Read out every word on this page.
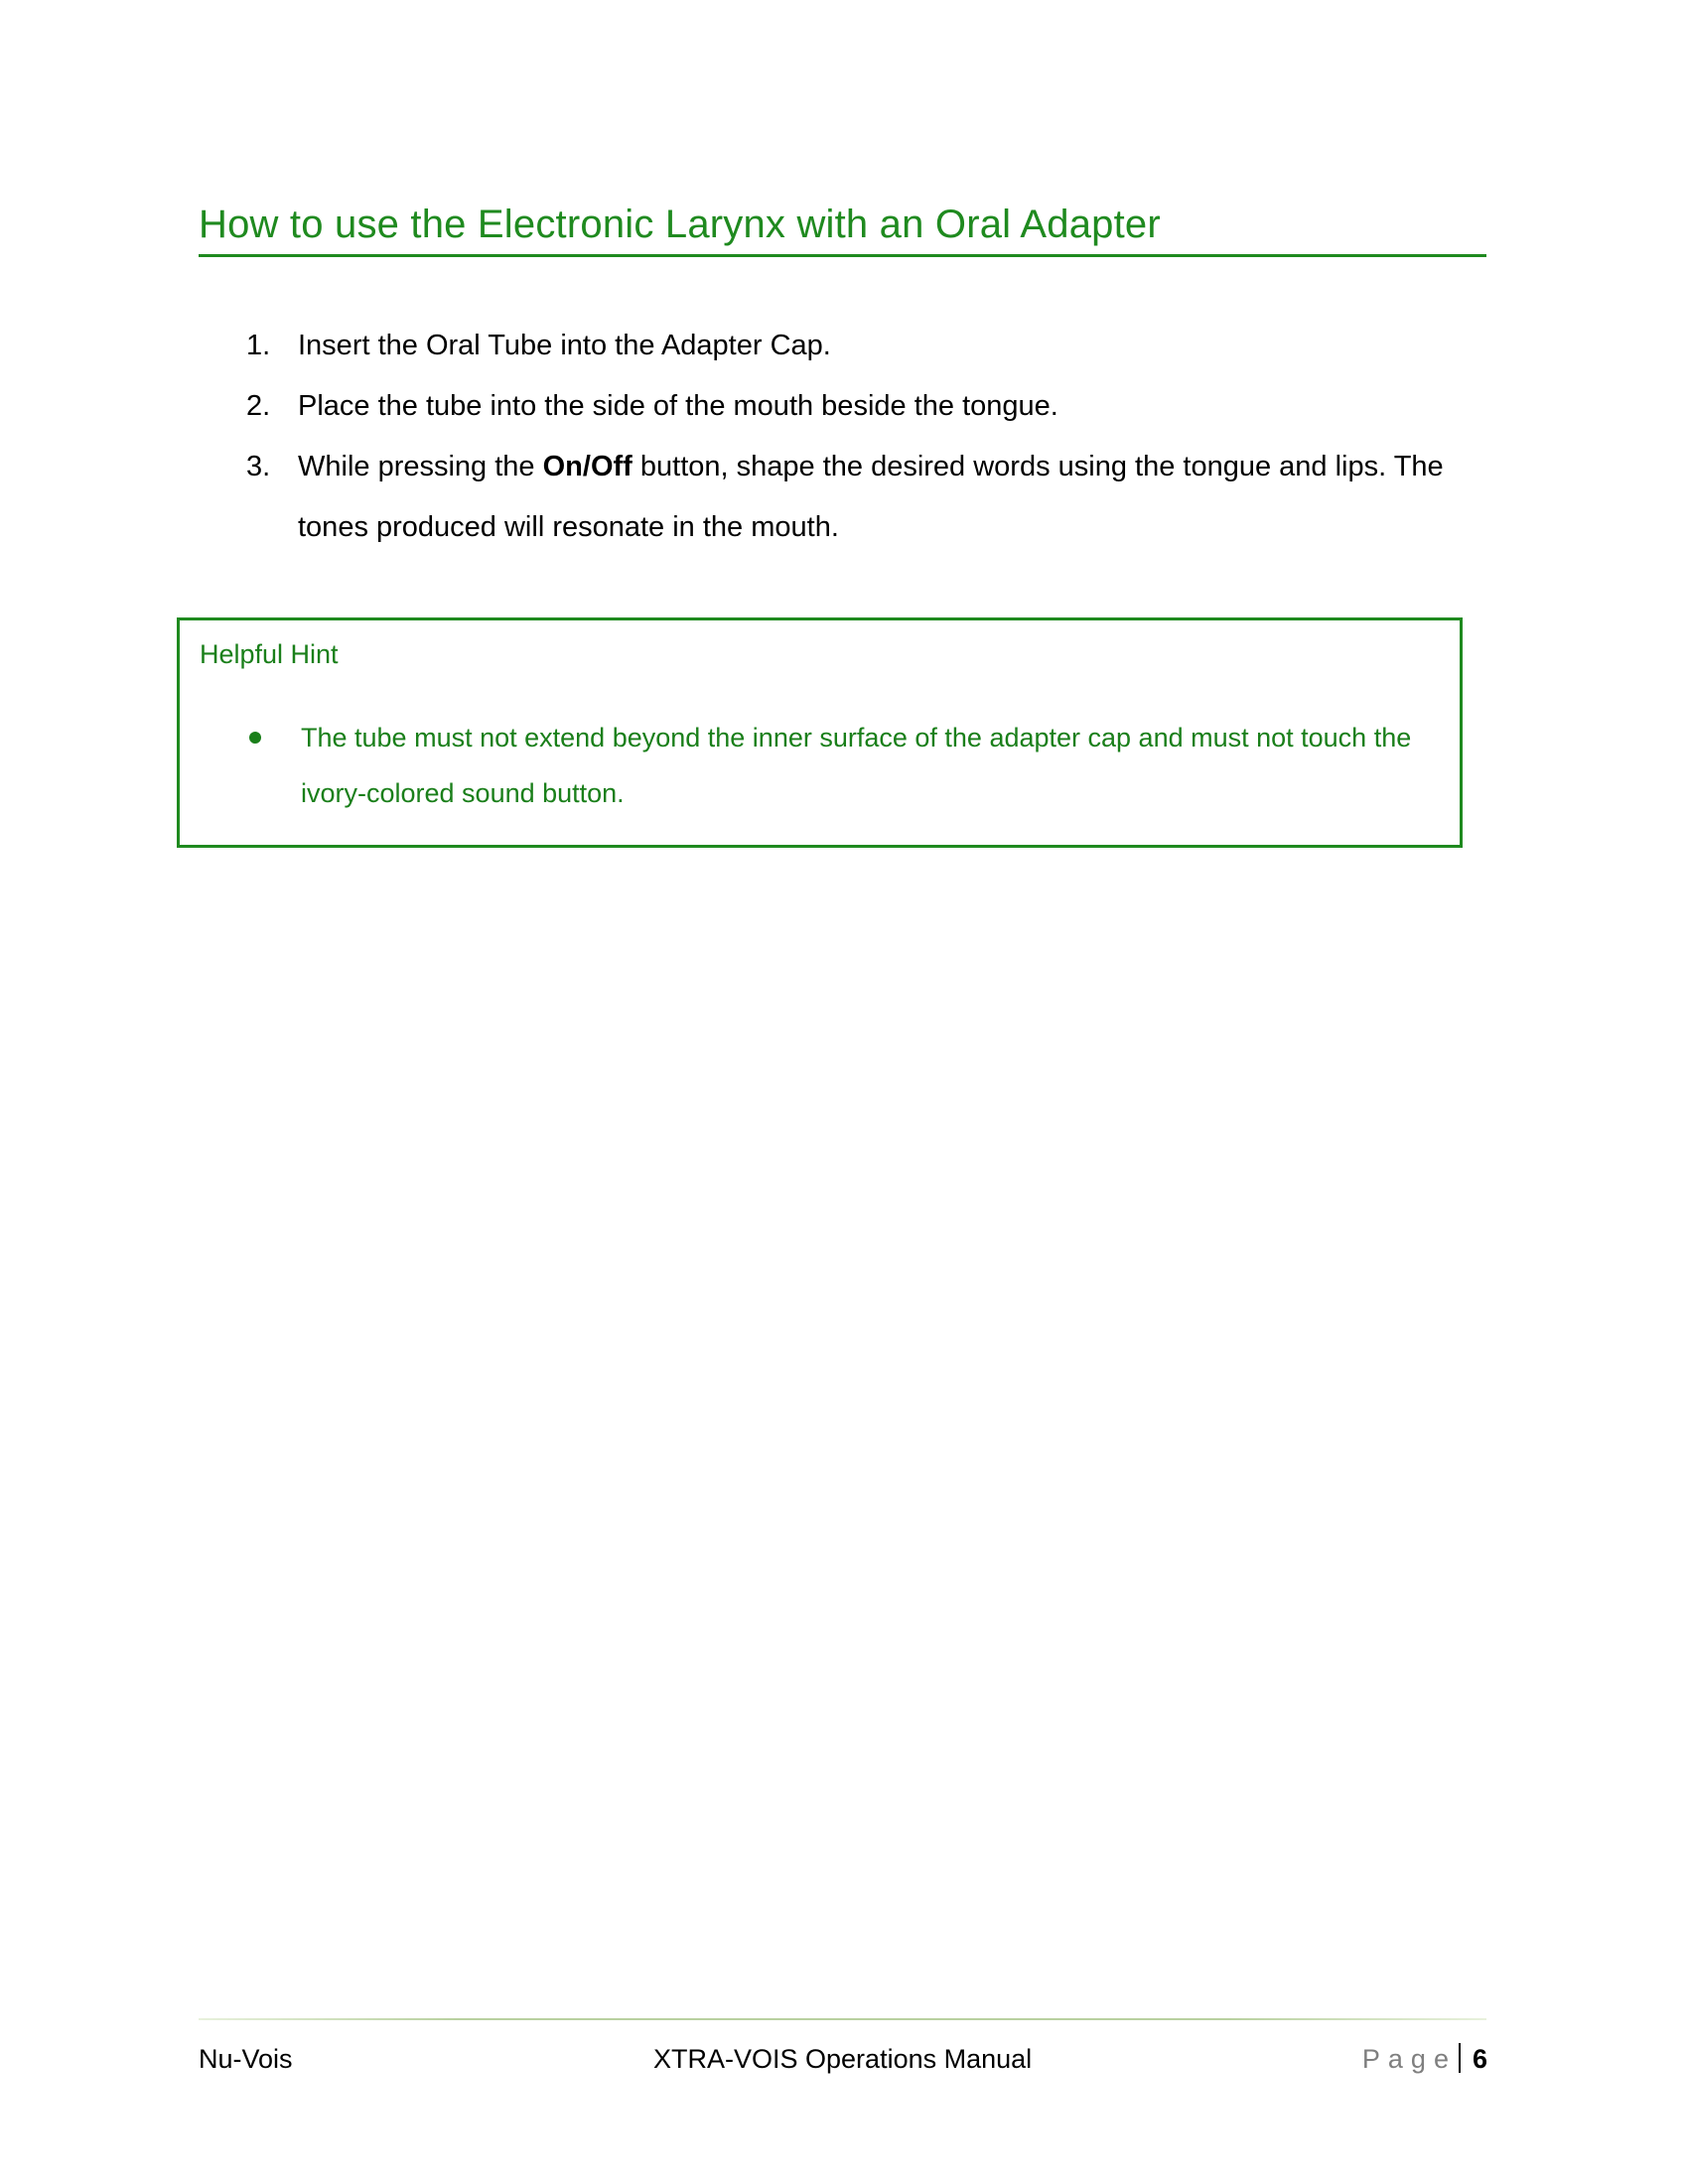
How to use the Electronic Larynx with an Oral Adapter
1. Insert the Oral Tube into the Adapter Cap.
2. Place the tube into the side of the mouth beside the tongue.
3. While pressing the On/Off button, shape the desired words using the tongue and lips. The tones produced will resonate in the mouth.
Helpful Hint
The tube must not extend beyond the inner surface of the adapter cap and must not touch the ivory-colored sound button.
Nu-Vois	XTRA-VOIS Operations Manual	Page 6
